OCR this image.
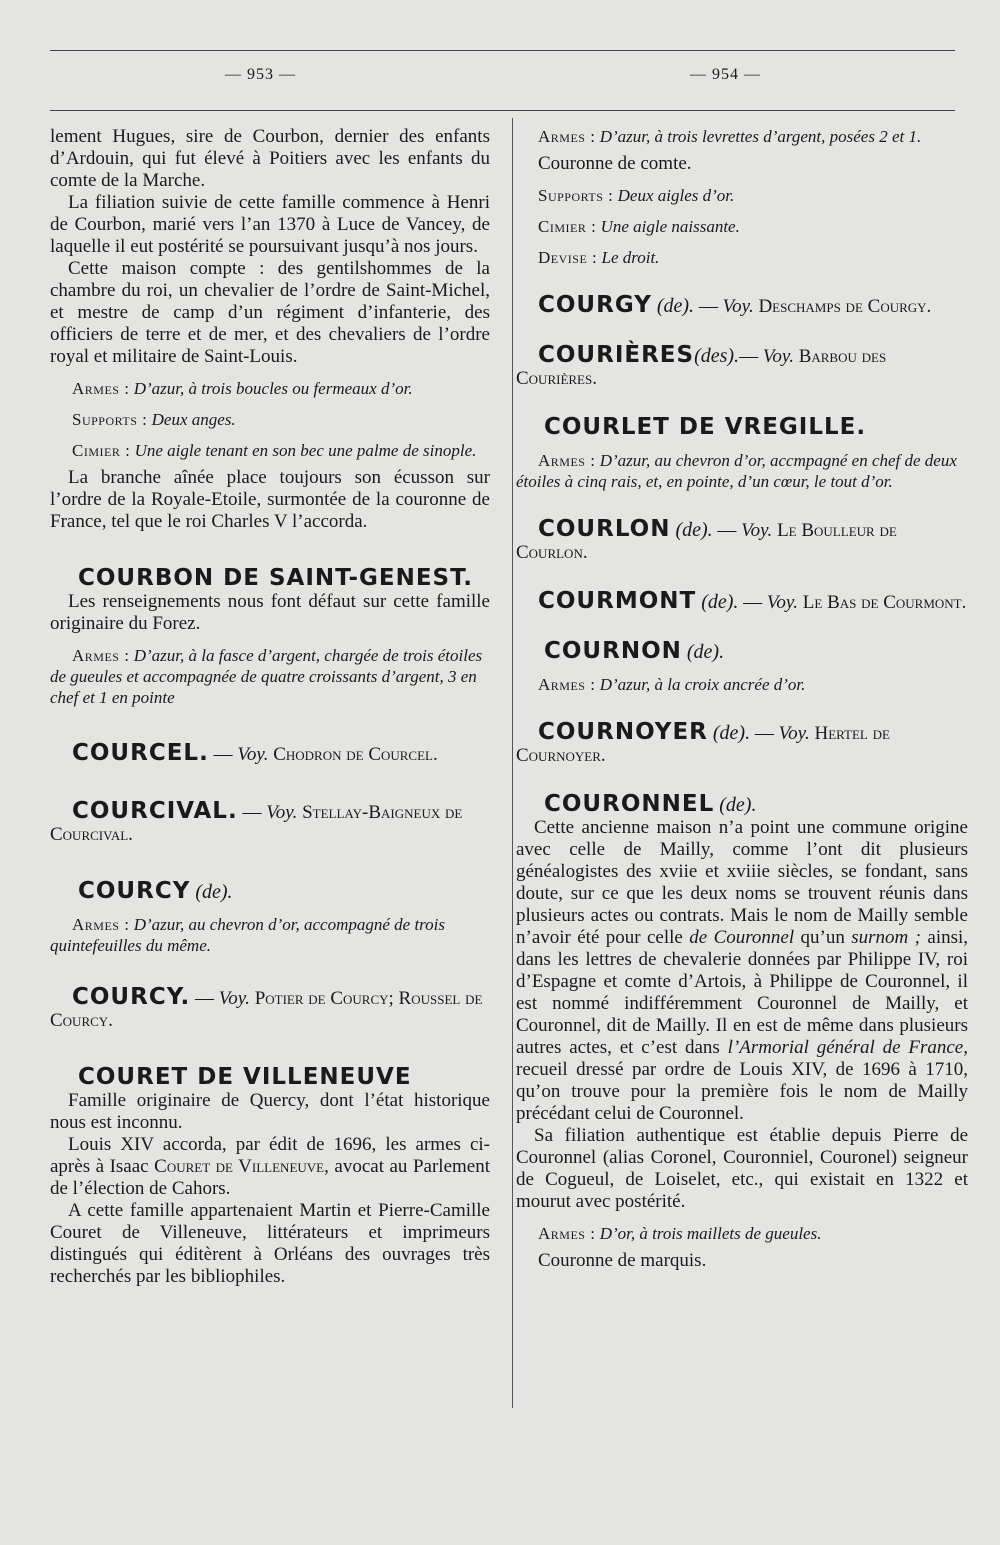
— 953 —	— 954 —

lement Hugues, sire de Courbon, dernier des enfants d’Ardouin, qui fut élevé à Poitiers avec les enfants du comte de la Marche.

La filiation suivie de cette famille commence à Henri de Courbon, marié vers l’an 1370 à Luce de Vancey, de laquelle il eut postérité se poursuivant jusqu’à nos jours.

Cette maison compte : des gentilshommes de la chambre du roi, un chevalier de l’ordre de Saint-Michel, et mestre de camp d’un régiment d’infanterie, des officiers de terre et de mer, et des chevaliers de l’ordre royal et militaire de Saint-Louis.

Armes : D’azur, à trois boucles ou fermeaux d’or.

Supports : Deux anges.

Cimier : Une aigle tenant en son bec une palme de sinople.

La branche aînée place toujours son écusson sur l’ordre de la Royale-Etoile, surmontée de la couronne de France, tel que le roi Charles V l’accorda.

COURBON DE SAINT-GENEST.

Les renseignements nous font défaut sur cette famille originaire du Forez.

Armes : D’azur, à la fasce d’argent, chargée de trois étoiles de gueules et accompagnée de quatre croissants d’argent, 3 en chef et 1 en pointe

COURCEL. — Voy. Chodron de Courcel.

COURCIVAL. — Voy. Stellay-Baigneux de Courcival.

COURCY (de).

Armes : D’azur, au chevron d’or, accompagné de trois quintefeuilles du même.

COURCY. — Voy. Potier de Courcy; Roussel de Courcy.

COURET DE VILLENEUVE

Famille originaire de Quercy, dont l’état historique nous est inconnu.

Louis XIV accorda, par édit de 1696, les armes ci-après à Isaac Couret de Villeneuve, avocat au Parlement de l’élection de Cahors.

A cette famille appartenaient Martin et Pierre-Camille Couret de Villeneuve, littérateurs et imprimeurs distingués qui éditèrent à Orléans des ouvrages très recherchés par les bibliophiles.

Armes : D’azur, à trois levrettes d’argent, posées 2 et 1.

Couronne de comte.

Supports : Deux aigles d’or.

Cimier : Une aigle naissante.

Devise : Le droit.

COURGY (de). — Voy. Deschamps de Courgy.

COURIÈRES(des).— Voy. Barbou des Courières.

COURLET DE VREGILLE.

Armes : D’azur, au chevron d’or, accmpagné en chef de deux étoiles à cinq rais, et, en pointe, d’un cœur, le tout d’or.

COURLON (de). — Voy. Le Boulleur de Courlon.

COURMONT (de). — Voy. Le Bas de Courmont.

COURNON (de).

Armes : D’azur, à la croix ancrée d’or.

COURNOYER (de). — Voy. Hertel de Cournoyer.

COURONNEL (de).

Cette ancienne maison n’a point une commune origine avec celle de Mailly, comme l’ont dit plusieurs généalogistes des xviie et xviiie siècles, se fondant, sans doute, sur ce que les deux noms se trouvent réunis dans plusieurs actes ou contrats. Mais le nom de Mailly semble n’avoir été pour celle de Couronnel qu’un surnom ; ainsi, dans les lettres de chevalerie données par Philippe IV, roi d’Espagne et comte d’Artois, à Philippe de Couronnel, il est nommé indifféremment Couronnel de Mailly, et Couronnel, dit de Mailly. Il en est de même dans plusieurs autres actes, et c’est dans l’Armorial général de France, recueil dressé par ordre de Louis XIV, de 1696 à 1710, qu’on trouve pour la première fois le nom de Mailly précédant celui de Couronnel.

Sa filiation authentique est établie depuis Pierre de Couronnel (alias Coronel, Couronniel, Couronel) seigneur de Cogueul, de Loiselet, etc., qui existait en 1322 et mourut avec postérité.

Armes : D’or, à trois maillets de gueules.

Couronne de marquis.
